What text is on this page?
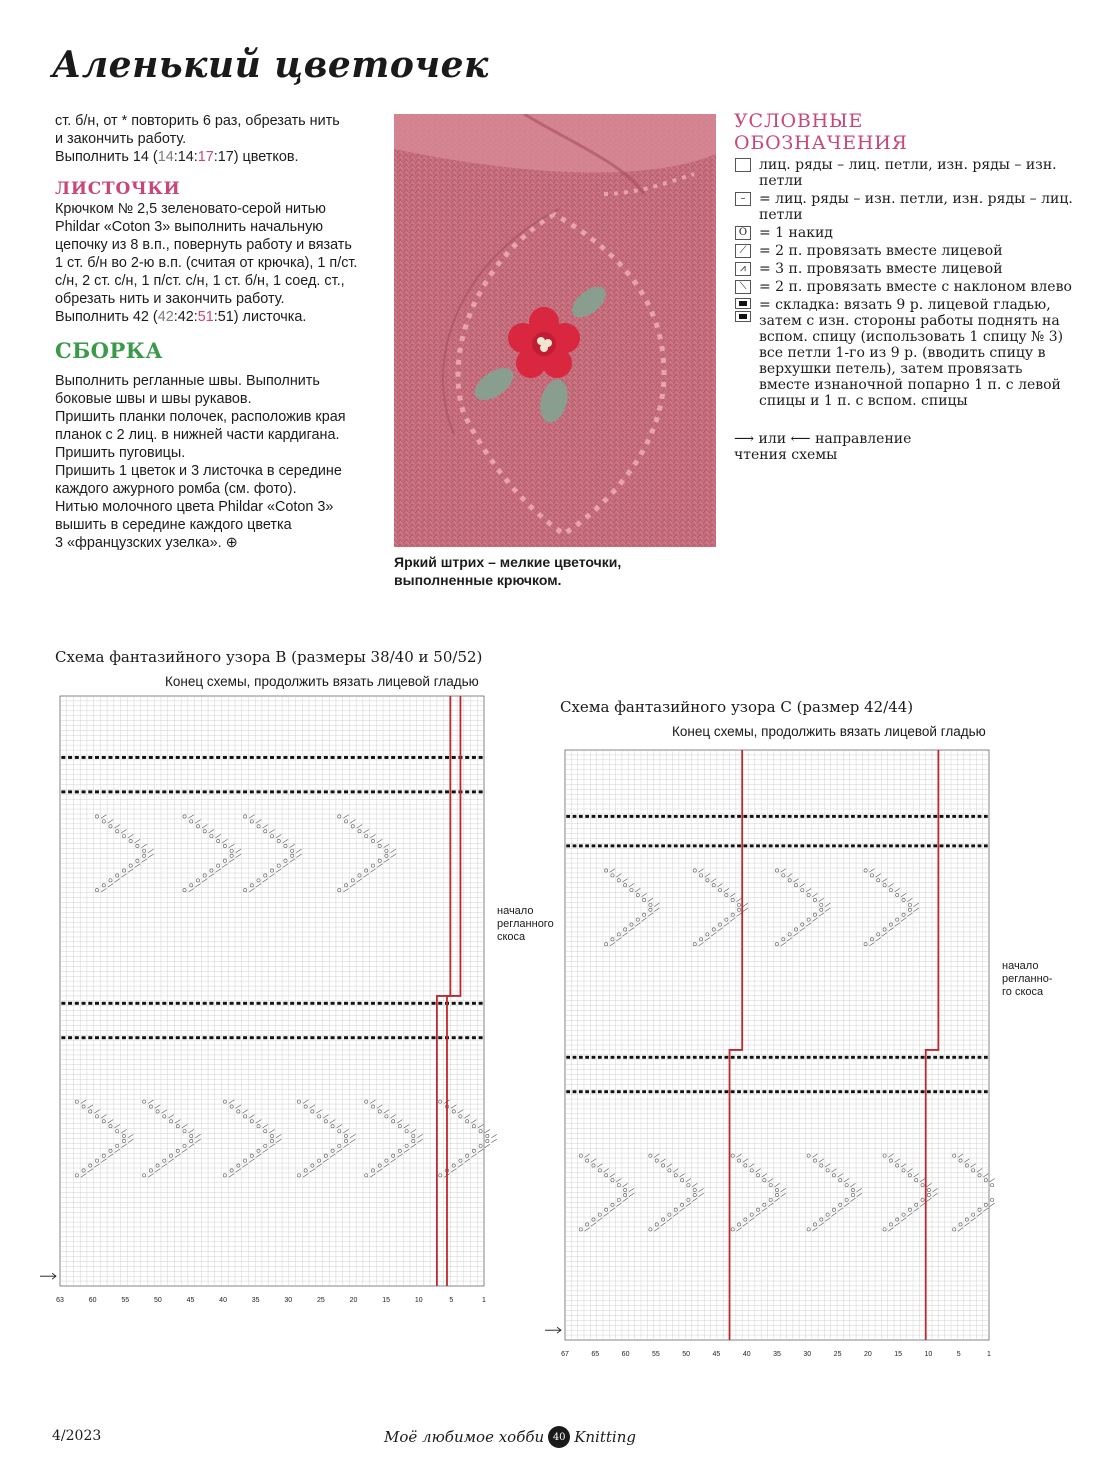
Аленький цветочек

ст. б/н, от * повторить 6 раз, обрезать нить

и закончить работу.

Выполнить 14 (14:14:17:17) цветков.

ЛИСТОЧКИ

Крючком № 2,5 зеленовато-серой нитью

Phildar «Coton 3» выполнить начальную

цепочку из 8 в.п., повернуть работу и вязать

1 ст. б/н во 2-ю в.п. (считая от крючка), 1 п/ст.

с/н, 2 ст. с/н, 1 п/ст. с/н, 1 ст. б/н, 1 соед. ст.,

обрезать нить и закончить работу.

Выполнить 42 (42:42:51:51) листочка.

СБОРКА

Выполнить регланные швы. Выполнить

боковые швы и швы рукавов.

Пришить планки полочек, расположив края

планок с 2 лиц. в нижней части кардигана.

Пришить пуговицы.

Пришить 1 цветок и 3 листочка в середине

каждого ажурного ромба (см. фото).

Нитью молочного цвета Phildar «Coton 3»

вышить в середине каждого цветка

3 «французских узелка». ⊕

Яркий штрих – мелкие цветочки,
выполненные крючком.
УСЛОВНЫЕ
ОБОЗНАЧЕНИЯ
лиц. ряды – лиц. петли, изн. ряды – изн. петли
– = лиц. ряды – изн. петли, изн. ряды – лиц. петли
O = 1 накид
⟋ = 2 п. провязать вместе лицевой
⩘ = 3 п. провязать вместе лицевой
⟍ = 2 п. провязать вместе с наклоном влево
= складка: вязать 9 р. лицевой гладью, затем с изн. стороны работы поднять на вспом. спицу (использовать 1 спицу № 3) все петли 1-го из 9 р. (вводить спицу в верхушки петель), затем провязать вместе изнаночной попарно 1 п. с левой спицы и 1 п. с вспом. спицы
⟶ или ⟵ направление
чтения схемы
Схема фантазийного узора B (размеры 38/40 и 50/52)
Конец схемы, продолжить вязать лицевой гладью
63	60	55	50	45	40	35	30	25	20	15	10	5	1
начало
регланного
скоса
Схема фантазийного узора C (размер 42/44)
Конец схемы, продолжить вязать лицевой гладью
67	65	60	55	50	45	40	35	30	25	20	15	10	5	1
начало
регланно-
го скоса
4/2023	Моё любимое хобби 40 Knitting
